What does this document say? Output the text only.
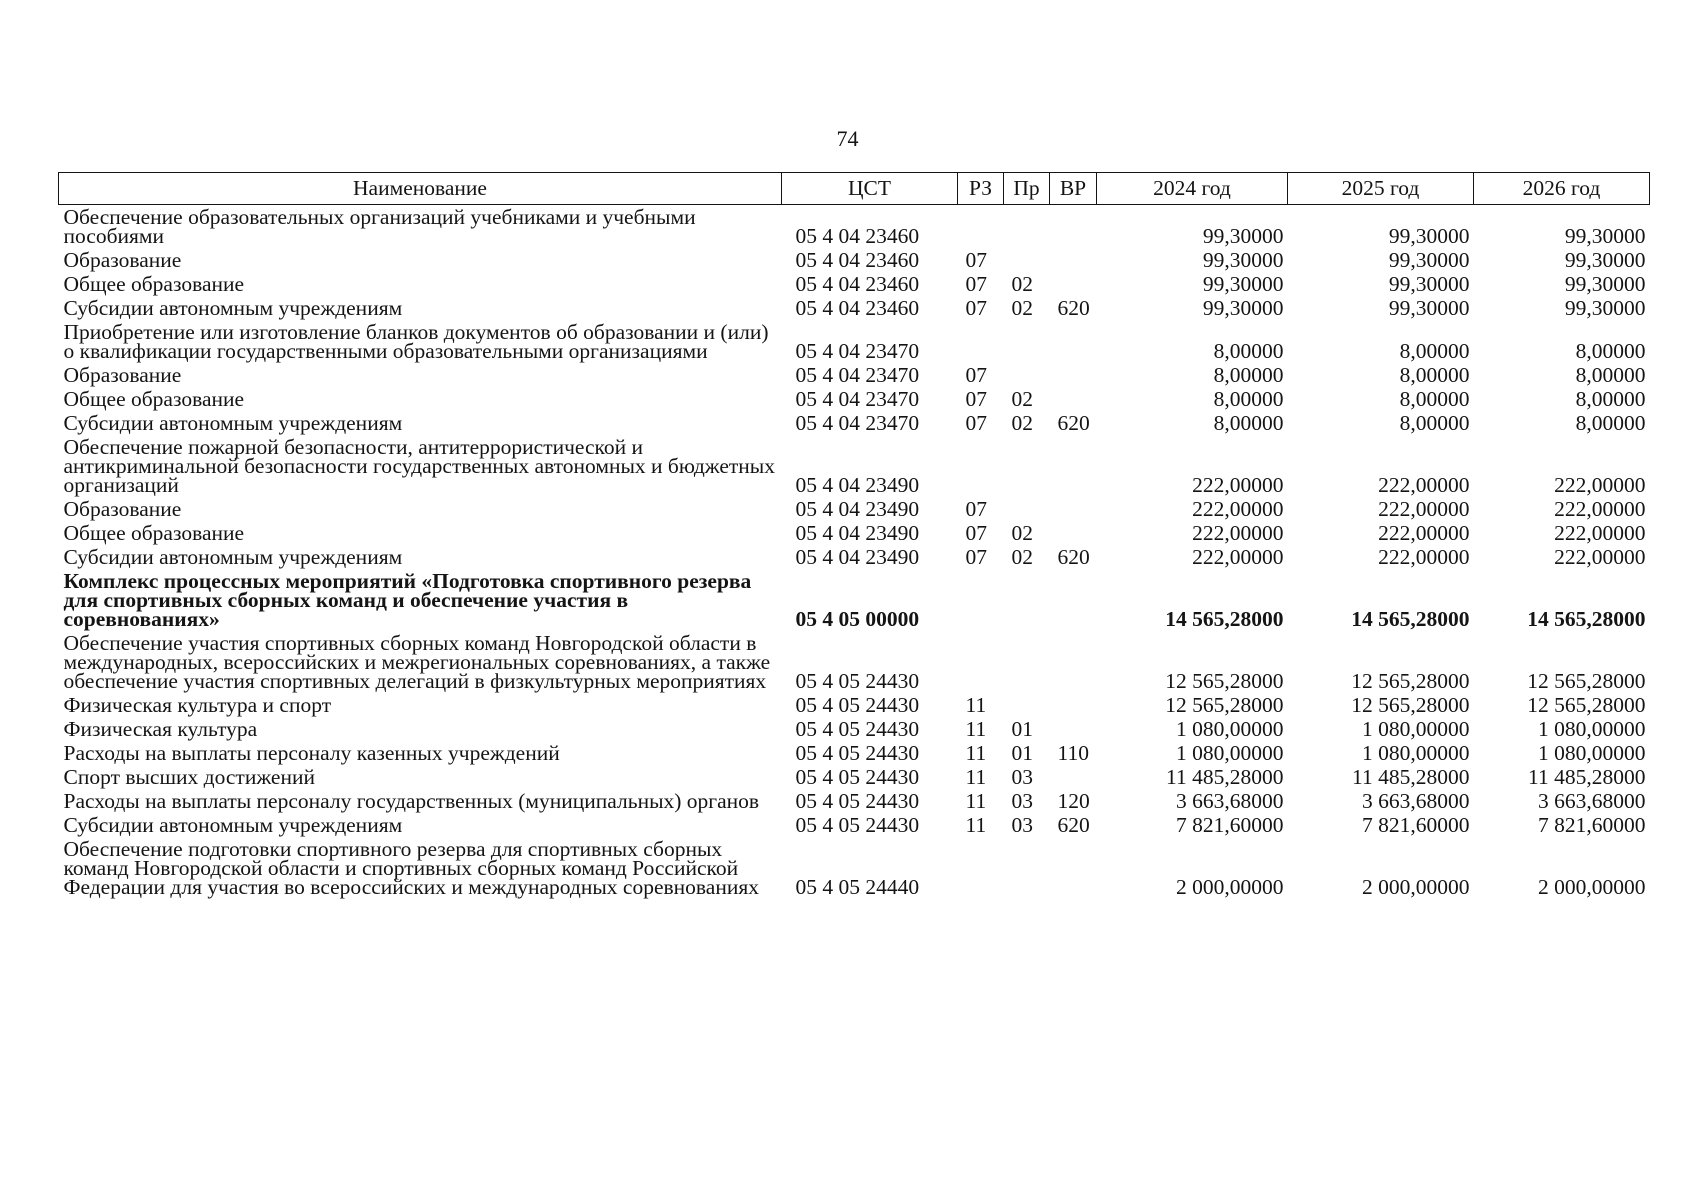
74
Наименование	ЦСТ	РЗ	Пр	ВР	2024 год	2025 год	2026 год
Обеспечение образовательных организаций учебниками и учебными пособиями	05 4 04 23460				99,30000	99,30000	99,30000
Образование	05 4 04 23460	07			99,30000	99,30000	99,30000
Общее образование	05 4 04 23460	07	02		99,30000	99,30000	99,30000
Субсидии автономным учреждениям	05 4 04 23460	07	02	620	99,30000	99,30000	99,30000
Приобретение или изготовление бланков документов об образовании и (или) о квалификации государственными образовательными организациями	05 4 04 23470				8,00000	8,00000	8,00000
Образование	05 4 04 23470	07			8,00000	8,00000	8,00000
Общее образование	05 4 04 23470	07	02		8,00000	8,00000	8,00000
Субсидии автономным учреждениям	05 4 04 23470	07	02	620	8,00000	8,00000	8,00000
Обеспечение пожарной безопасности, антитеррористической и антикриминальной безопасности государственных автономных и бюджетных организаций	05 4 04 23490				222,00000	222,00000	222,00000
Образование	05 4 04 23490	07			222,00000	222,00000	222,00000
Общее образование	05 4 04 23490	07	02		222,00000	222,00000	222,00000
Субсидии автономным учреждениям	05 4 04 23490	07	02	620	222,00000	222,00000	222,00000
Комплекс процессных мероприятий «Подготовка спортивного резерва для спортивных сборных команд и обеспечение участия в соревнованиях»	05 4 05 00000				14 565,28000	14 565,28000	14 565,28000
Обеспечение участия спортивных сборных команд Новгородской области в международных, всероссийских и межрегиональных соревнованиях, а также обеспечение участия спортивных делегаций в физкультурных мероприятиях	05 4 05 24430				12 565,28000	12 565,28000	12 565,28000
Физическая культура и спорт	05 4 05 24430	11			12 565,28000	12 565,28000	12 565,28000
Физическая культура	05 4 05 24430	11	01		1 080,00000	1 080,00000	1 080,00000
Расходы на выплаты персоналу казенных учреждений	05 4 05 24430	11	01	110	1 080,00000	1 080,00000	1 080,00000
Спорт высших достижений	05 4 05 24430	11	03		11 485,28000	11 485,28000	11 485,28000
Расходы на выплаты персоналу государственных (муниципальных) органов	05 4 05 24430	11	03	120	3 663,68000	3 663,68000	3 663,68000
Субсидии автономным учреждениям	05 4 05 24430	11	03	620	7 821,60000	7 821,60000	7 821,60000
Обеспечение подготовки спортивного резерва для спортивных сборных команд Новгородской области и спортивных сборных команд Российской Федерации для участия во всероссийских и международных соревнованиях	05 4 05 24440				2 000,00000	2 000,00000	2 000,00000
